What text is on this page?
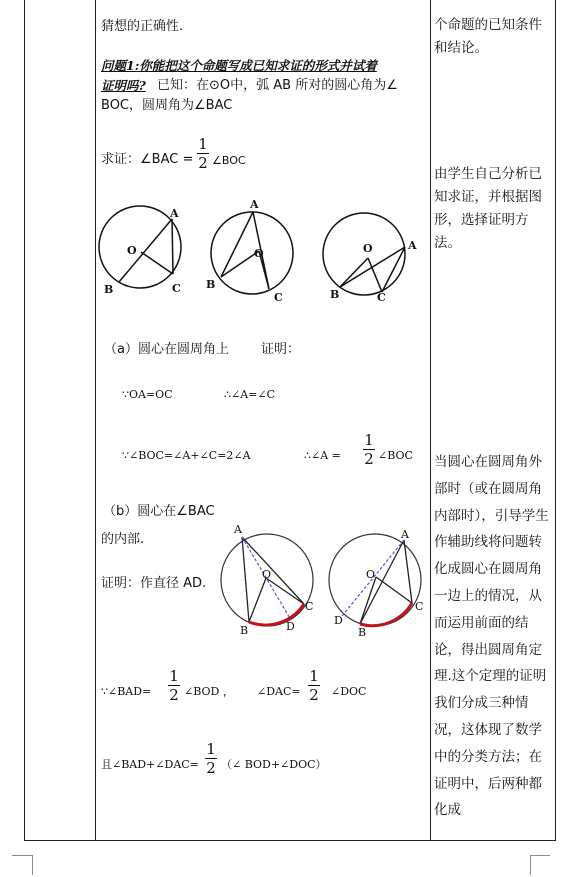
猜想的正确性.
问题1:你能把这个命题写成已知求证的形式并试着
证明吗? 已知：在⊙O中，弧 AB 所对的圆心角为∠
BOC，圆周角为∠BAC
求证：∠BAC =
1
2 ∠BOC
A
O
B	C
A
O
B
C
A
O
B	C
（a）圆心在圆周角上 证明：
∵OA=OC	∴∠A=∠C
∵∠BOC=∠A+∠C=2∠A	∴∠A =
1
2 ∠BOC
（b）圆心在∠BAC
的内部.
证明：作直径 AD.
A
O
B
C
D
A
O
B
C
D
∵∠BAD=
1
2 ∠BOD ， ∠DAC=
1
2 ∠DOC
且∠BAD+∠DAC=
1
2 （∠ BOD+∠DOC）
个命题的已知条件和结论。
由学生自己分析已知求证，并根据图形，选择证明方法。
当圆心在圆周角外部时（或在圆周角内部时），引导学生作辅助线将问题转化成圆心在圆周角一边上的情况，从而运用前面的结论，得出圆周角定理.这个定理的证明我们分成三种情况，这体现了数学中的分类方法；在证明中，后两种都化成
